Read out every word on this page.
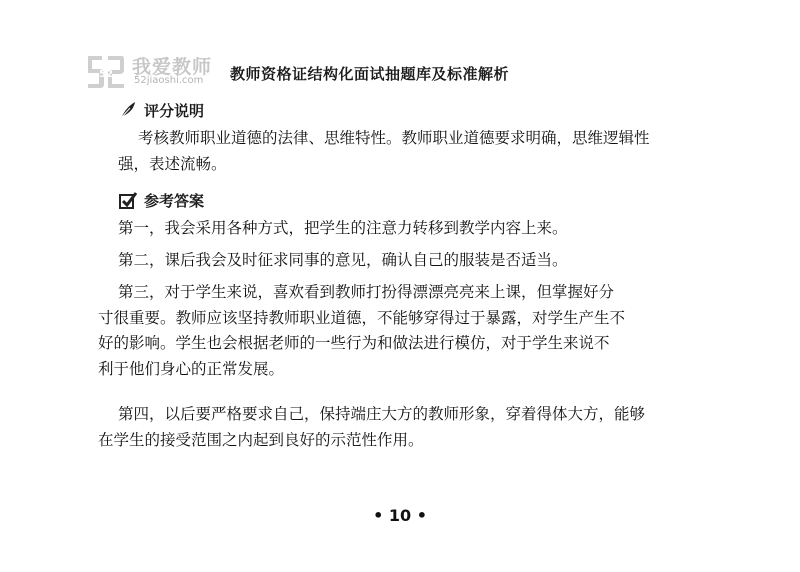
52 我爱教师
52jiaoshi.com 教师资格证结构化面试抽题库及标准解析
评分说明

考核教师职业道德的法律、思维特性。教师职业道德要求明确，思维逻辑性
强，表述流畅。

参考答案

第一，我会采用各种方式，把学生的注意力转移到教学内容上来。

第二，课后我会及时征求同事的意见，确认自己的服装是否适当。

第三，对于学生来说，喜欢看到教师打扮得漂漂亮亮来上课，但掌握好分
寸很重要。教师应该坚持教师职业道德，不能够穿得过于暴露，对学生产生不
好的影响。学生也会根据老师的一些行为和做法进行模仿，对于学生来说不
利于他们身心的正常发展。

第四，以后要严格要求自己，保持端庄大方的教师形象，穿着得体大方，能够
在学生的接受范围之内起到良好的示范性作用。

• 10 •
